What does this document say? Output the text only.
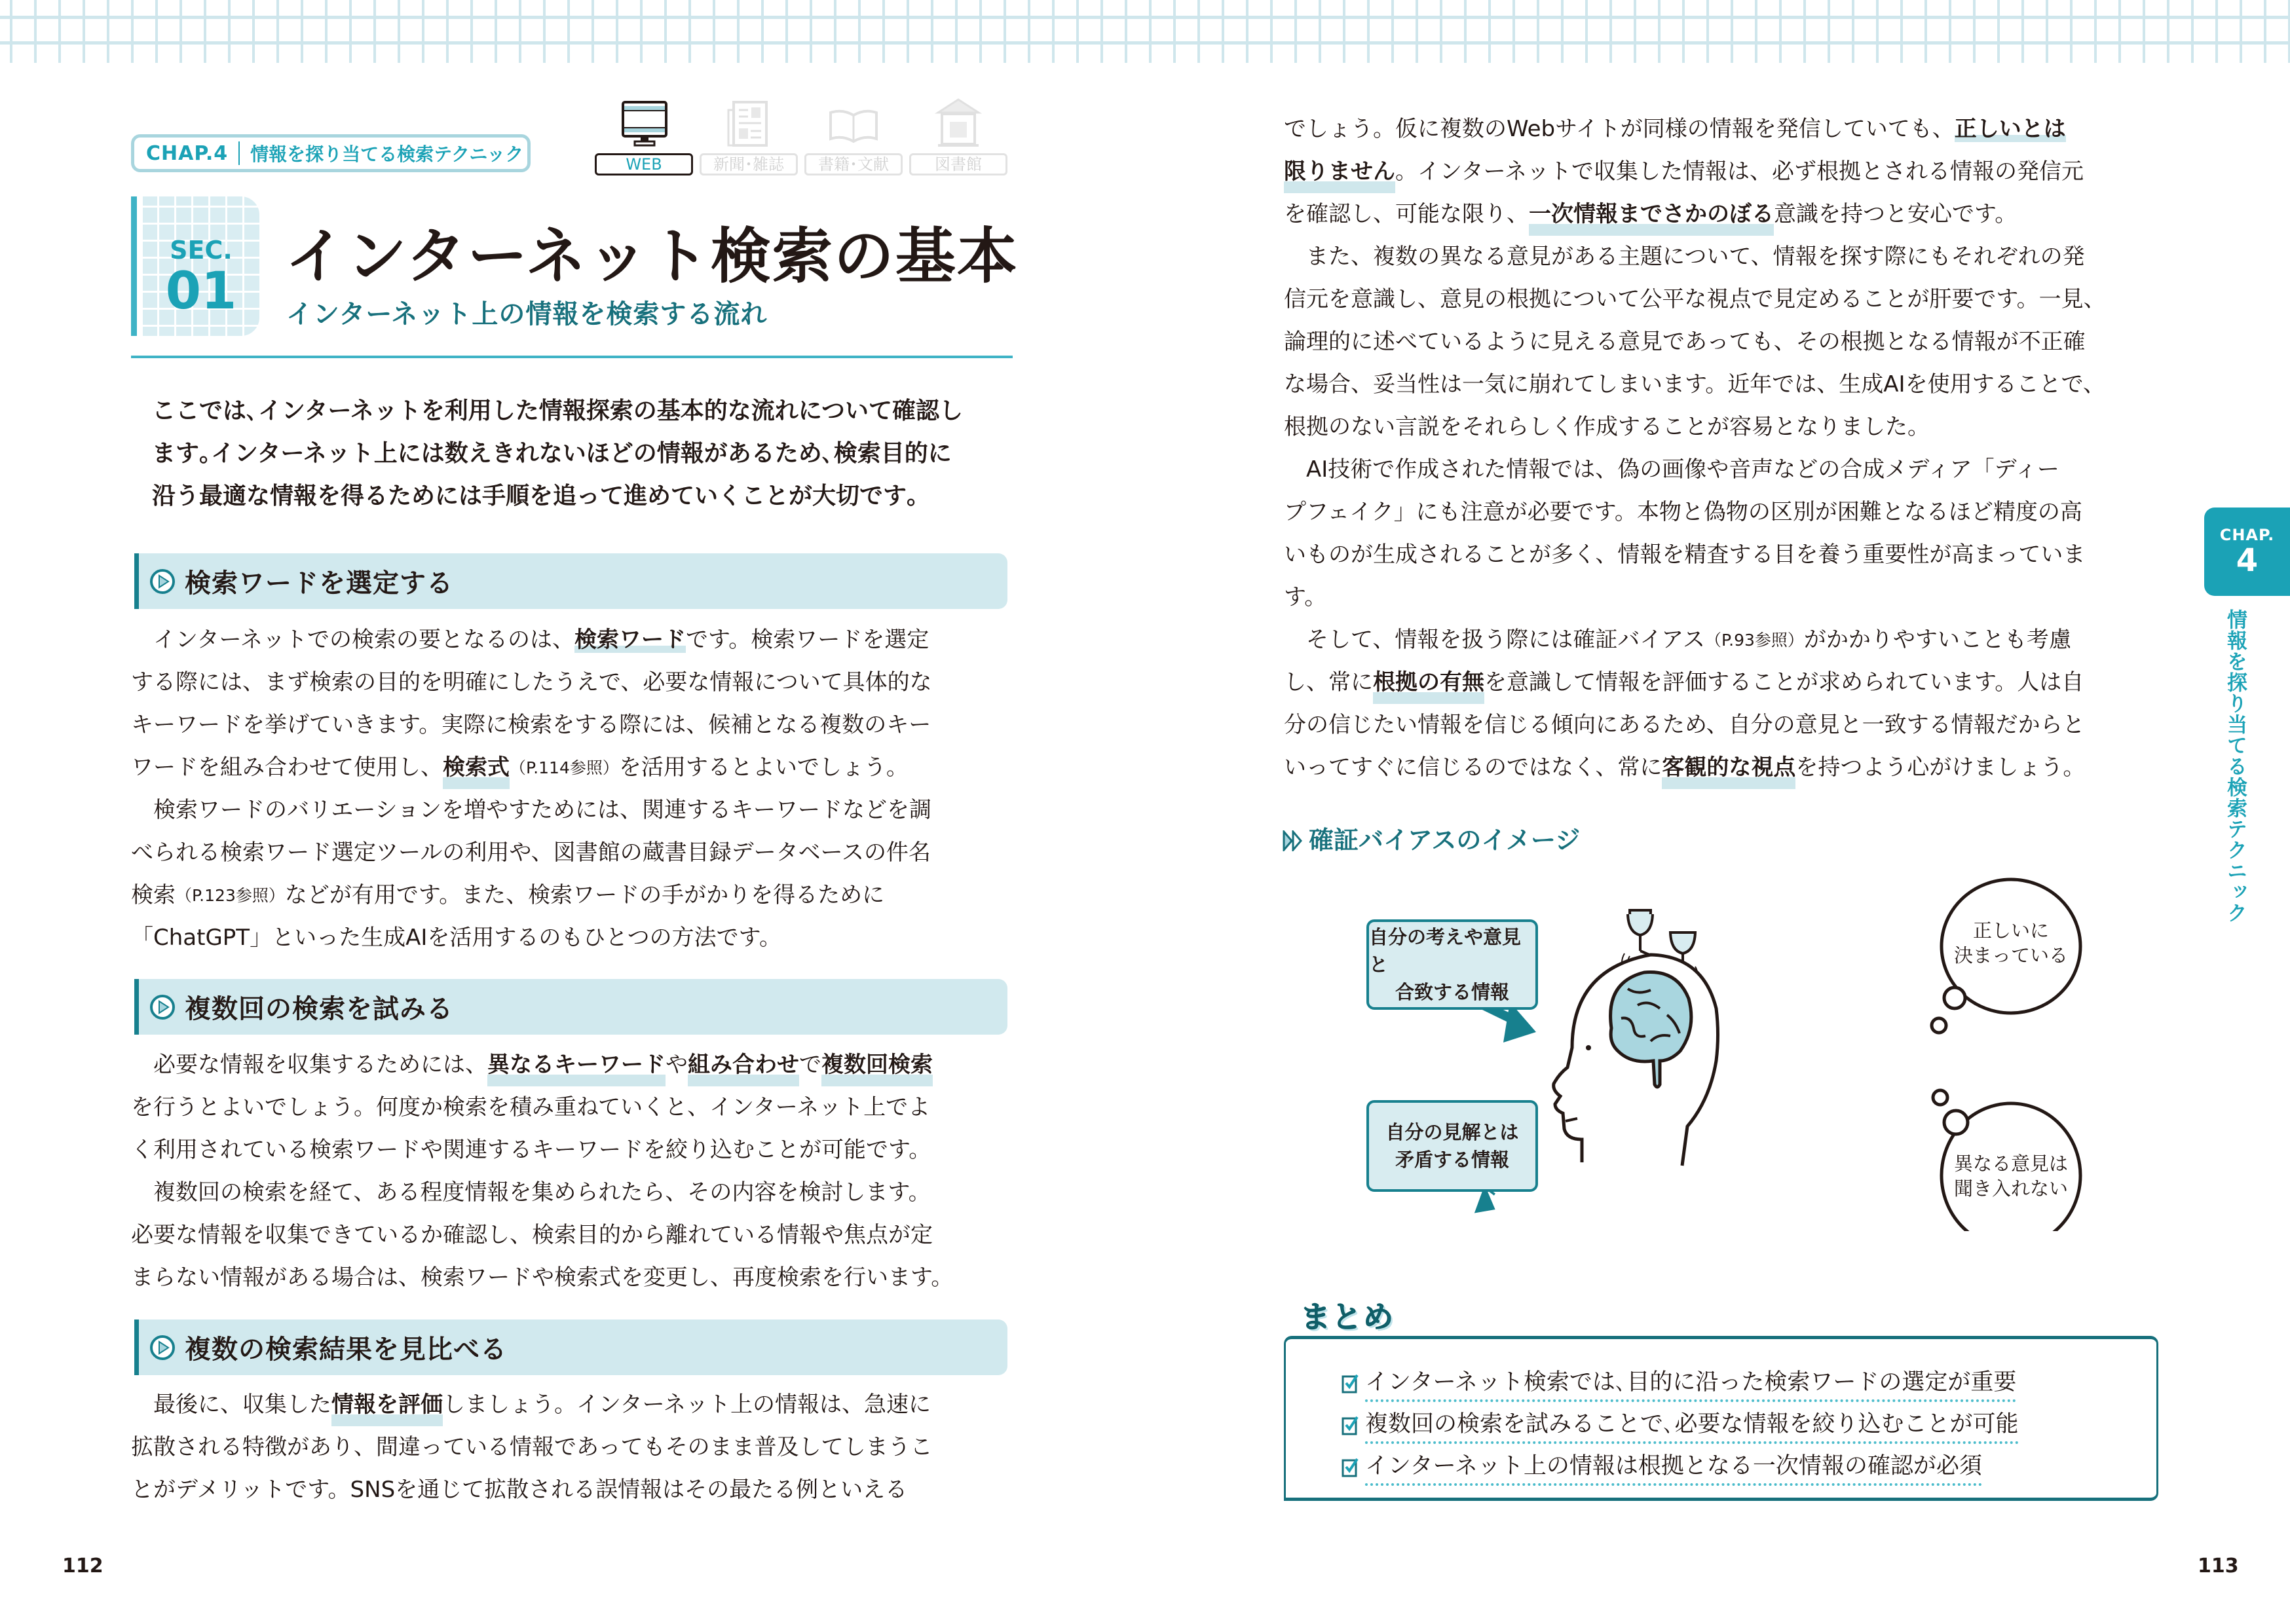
CHAP.4 情報を探り当てる検索テクニック	WEB	新聞･雑誌	書籍･文献	図書館
SEC.
01 インターネット検索の基本
インターネット上の情報を検索する流れ
ここでは､インターネットを利用した情報探索の基本的な流れについて確認し
ます｡インターネット上には数えきれないほどの情報があるため､検索目的に
沿う最適な情報を得るためには手順を追って進めていくことが大切です｡
検索ワードを選定する
　インターネットでの検索の要となるのは、検索ワードです。検索ワードを選定
する際には、まず検索の目的を明確にしたうえで、必要な情報について具体的な
キーワードを挙げていきます。実際に検索をする際には、候補となる複数のキー
ワードを組み合わせて使用し、 検索式 （P.114参照） を活用するとよいでしょう。
　検索ワードのバリエーションを増やすためには、関連するキーワードなどを調
べられる検索ワード選定ツールの利用や、図書館の蔵書目録データベースの件名
検索 （P.123参照） などが有用です。また、検索ワードの手がかりを得るために
「ChatGPT」といった生成AIを活用するのもひとつの方法です。
複数回の検索を試みる
　必要な情報を収集するためには、 異なるキーワード や 組み合わせ で 複数回検索
を行うとよいでしょう。何度か検索を積み重ねていくと、インターネット上でよ
く利用されている検索ワードや関連するキーワードを絞り込むことが可能です。
　複数回の検索を経て、ある程度情報を集められたら、その内容を検討します。
必要な情報を収集できているか確認し、検索目的から離れている情報や焦点が定
まらない情報がある場合は、検索ワードや検索式を変更し、再度検索を行います。
複数の検索結果を見比べる
　最後に、収集した 情報を評価 しましょう。インターネット上の情報は、急速に
拡散される特徴があり、間違っている情報であってもそのまま普及してしまうこ
とがデメリットです。SNSを通じて拡散される誤情報はその最たる例といえる
112
でしょう。仮に複数のWebサイトが同様の情報を発信していても、正しいとは
限りません 。インターネットで収集した情報は、必ず根拠とされる情報の発信元
を確認し、可能な限り、 一次情報までさかのぼる 意識を持つと安心です。
　また、複数の異なる意見がある主題について、情報を探す際にもそれぞれの発
信元を意識し、意見の根拠について公平な視点で見定めることが肝要です。一見、
論理的に述べているように見える意見であっても、その根拠となる情報が不正確
な場合、妥当性は一気に崩れてしまいます。近年では、生成AIを使用することで、
根拠のない言説をそれらしく作成することが容易となりました。
　AI技術で作成された情報では、偽の画像や音声などの合成メディア「ディー
プフェイク」にも注意が必要です。本物と偽物の区別が困難となるほど精度の高
いものが生成されることが多く、情報を精査する目を養う重要性が高まっていま
す。
　そして、情報を扱う際には確証バイアス （P.93参照） がかかりやすいことも考慮
し、常に 根拠の有無 を意識して情報を評価することが求められています。人は自
分の信じたい情報を信じる傾向にあるため、自分の意見と一致する情報だからと
いってすぐに信じるのではなく、常に 客観的な視点 を持つよう心がけましょう。
CHAP.
4
情報を探り当てる検索テクニック
確証バイアスのイメージ
自分の考えや意見と
合致する情報
自分の見解とは
矛盾する情報
正しいに
決まっている
異なる意見は
聞き入れない
まとめ
インターネット検索では､目的に沿った検索ワードの選定が重要
複数回の検索を試みることで､必要な情報を絞り込むことが可能
インターネット上の情報は根拠となる一次情報の確認が必須
113
